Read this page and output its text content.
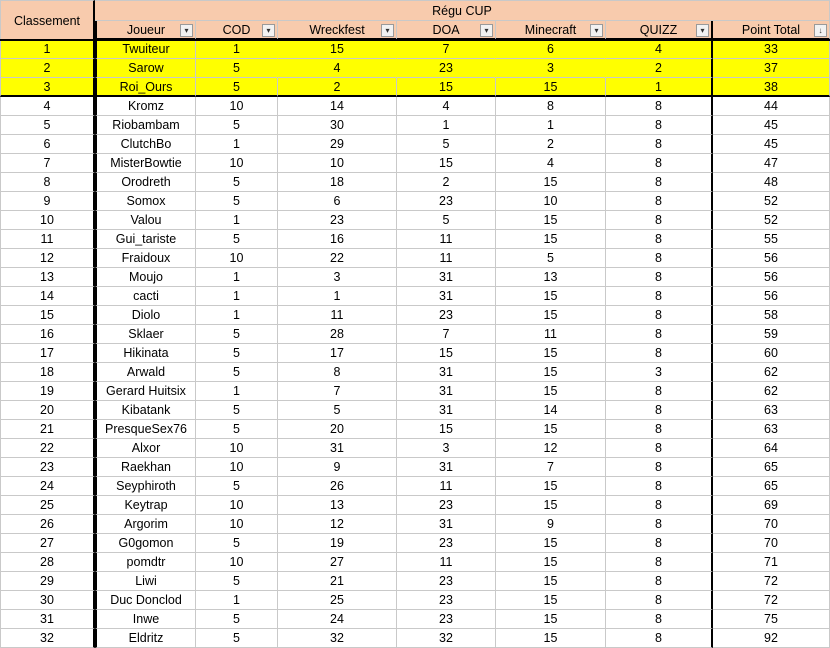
Classement
Régu CUP
Joueur	▾	COD	▾	Wreckfest	▾	DOA	▾	Minecraft	▾	QUIZZ	▾	Point Total	↓
1	Twuiteur	1	15	7	6	4	33
2	Sarow	5	4	23	3	2	37
3	Roi_Ours	5	2	15	15	1	38
4	Kromz	10	14	4	8	8	44
5	Riobambam	5	30	1	1	8	45
6	ClutchBo	1	29	5	2	8	45
7	MisterBowtie	10	10	15	4	8	47
8	Orodreth	5	18	2	15	8	48
9	Somox	5	6	23	10	8	52
10	Valou	1	23	5	15	8	52
11	Gui_tariste	5	16	11	15	8	55
12	Fraidoux	10	22	11	5	8	56
13	Moujo	1	3	31	13	8	56
14	cacti	1	1	31	15	8	56
15	Diolo	1	11	23	15	8	58
16	Sklaer	5	28	7	11	8	59
17	Hikinata	5	17	15	15	8	60
18	Arwald	5	8	31	15	3	62
19	Gerard Huitsix	1	7	31	15	8	62
20	Kibatank	5	5	31	14	8	63
21	PresqueSex76	5	20	15	15	8	63
22	Alxor	10	31	3	12	8	64
23	Raekhan	10	9	31	7	8	65
24	Seyphiroth	5	26	11	15	8	65
25	Keytrap	10	13	23	15	8	69
26	Argorim	10	12	31	9	8	70
27	G0gomon	5	19	23	15	8	70
28	pomdtr	10	27	11	15	8	71
29	Liwi	5	21	23	15	8	72
30	Duc Donclod	1	25	23	15	8	72
31	Inwe	5	24	23	15	8	75
32	Eldritz	5	32	32	15	8	92
